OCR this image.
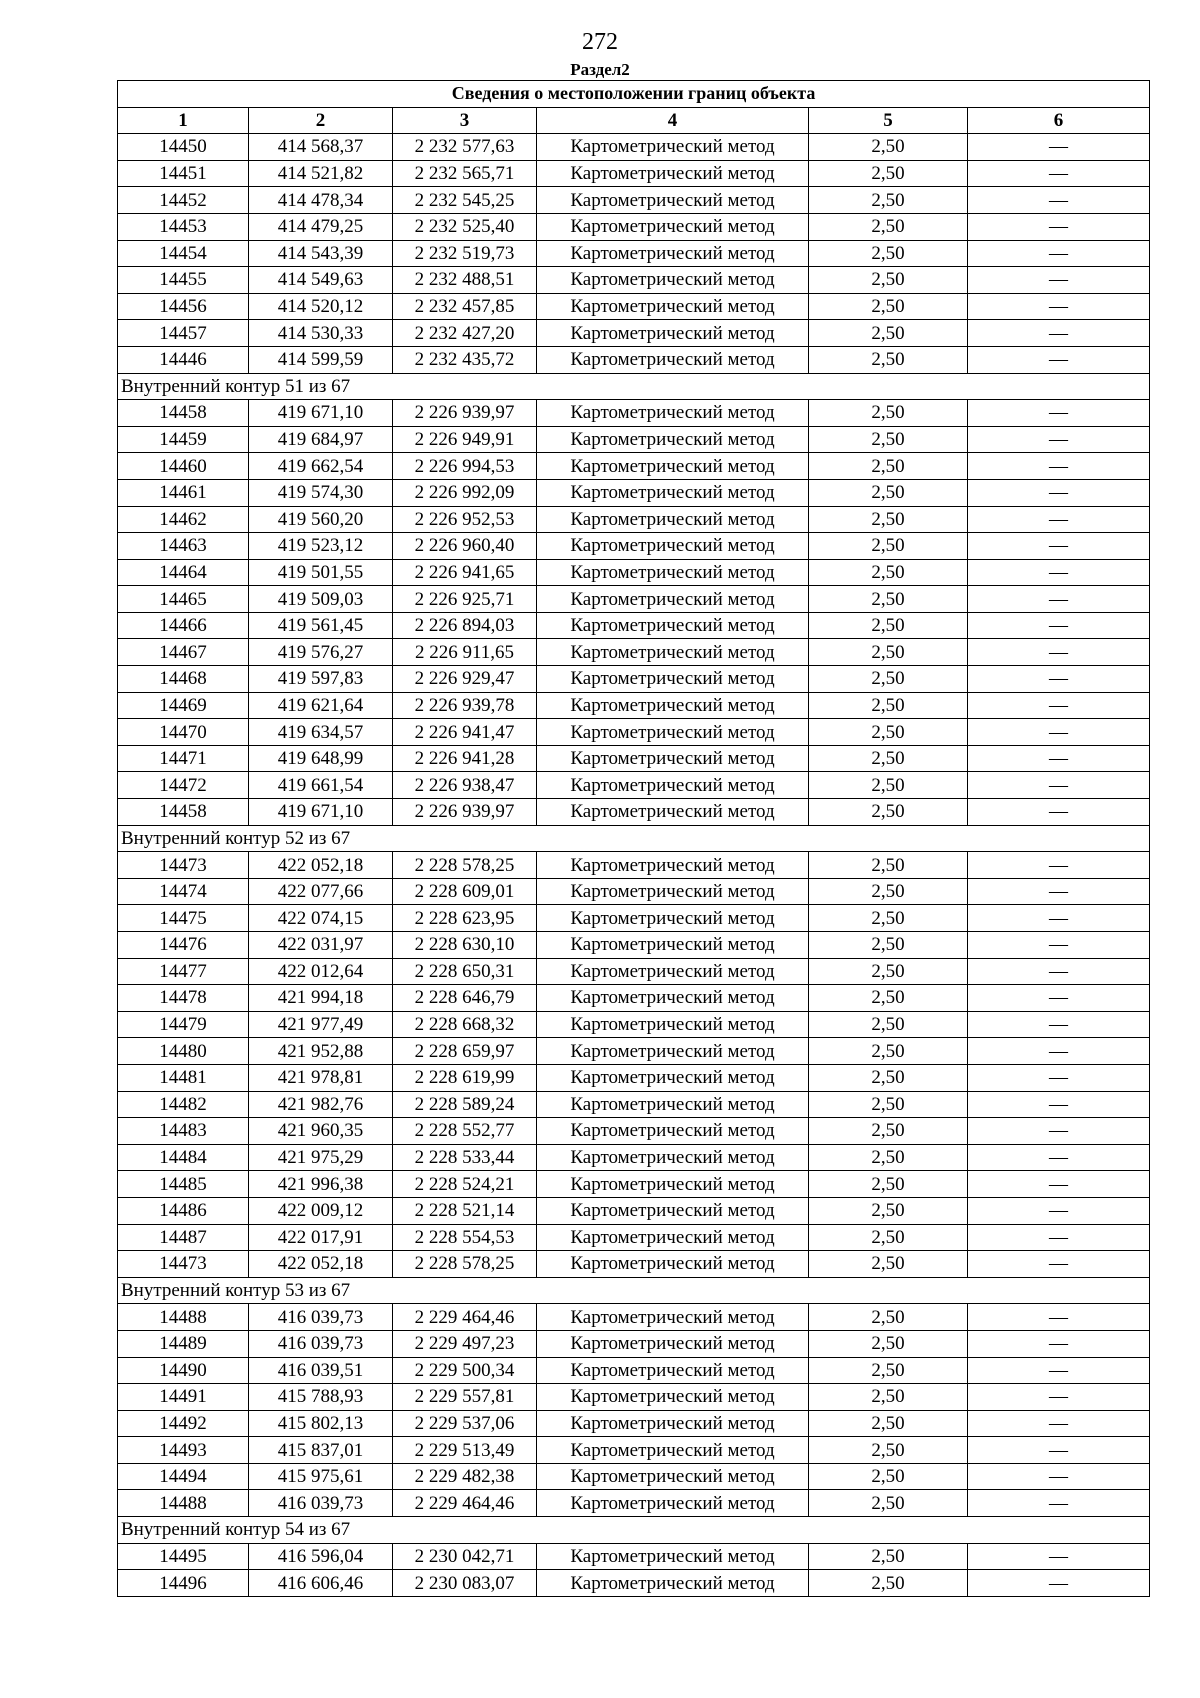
272
Раздел2
Сведения о местоположении границ объекта					
1	2	3	4	5	6
14450	414 568,37	2 232 577,63	Картометрический метод	2,50	—
14451	414 521,82	2 232 565,71	Картометрический метод	2,50	—
14452	414 478,34	2 232 545,25	Картометрический метод	2,50	—
14453	414 479,25	2 232 525,40	Картометрический метод	2,50	—
14454	414 543,39	2 232 519,73	Картометрический метод	2,50	—
14455	414 549,63	2 232 488,51	Картометрический метод	2,50	—
14456	414 520,12	2 232 457,85	Картометрический метод	2,50	—
14457	414 530,33	2 232 427,20	Картометрический метод	2,50	—
14446	414 599,59	2 232 435,72	Картометрический метод	2,50	—
Внутренний контур 51 из 67					
14458	419 671,10	2 226 939,97	Картометрический метод	2,50	—
14459	419 684,97	2 226 949,91	Картометрический метод	2,50	—
14460	419 662,54	2 226 994,53	Картометрический метод	2,50	—
14461	419 574,30	2 226 992,09	Картометрический метод	2,50	—
14462	419 560,20	2 226 952,53	Картометрический метод	2,50	—
14463	419 523,12	2 226 960,40	Картометрический метод	2,50	—
14464	419 501,55	2 226 941,65	Картометрический метод	2,50	—
14465	419 509,03	2 226 925,71	Картометрический метод	2,50	—
14466	419 561,45	2 226 894,03	Картометрический метод	2,50	—
14467	419 576,27	2 226 911,65	Картометрический метод	2,50	—
14468	419 597,83	2 226 929,47	Картометрический метод	2,50	—
14469	419 621,64	2 226 939,78	Картометрический метод	2,50	—
14470	419 634,57	2 226 941,47	Картометрический метод	2,50	—
14471	419 648,99	2 226 941,28	Картометрический метод	2,50	—
14472	419 661,54	2 226 938,47	Картометрический метод	2,50	—
14458	419 671,10	2 226 939,97	Картометрический метод	2,50	—
Внутренний контур 52 из 67					
14473	422 052,18	2 228 578,25	Картометрический метод	2,50	—
14474	422 077,66	2 228 609,01	Картометрический метод	2,50	—
14475	422 074,15	2 228 623,95	Картометрический метод	2,50	—
14476	422 031,97	2 228 630,10	Картометрический метод	2,50	—
14477	422 012,64	2 228 650,31	Картометрический метод	2,50	—
14478	421 994,18	2 228 646,79	Картометрический метод	2,50	—
14479	421 977,49	2 228 668,32	Картометрический метод	2,50	—
14480	421 952,88	2 228 659,97	Картометрический метод	2,50	—
14481	421 978,81	2 228 619,99	Картометрический метод	2,50	—
14482	421 982,76	2 228 589,24	Картометрический метод	2,50	—
14483	421 960,35	2 228 552,77	Картометрический метод	2,50	—
14484	421 975,29	2 228 533,44	Картометрический метод	2,50	—
14485	421 996,38	2 228 524,21	Картометрический метод	2,50	—
14486	422 009,12	2 228 521,14	Картометрический метод	2,50	—
14487	422 017,91	2 228 554,53	Картометрический метод	2,50	—
14473	422 052,18	2 228 578,25	Картометрический метод	2,50	—
Внутренний контур 53 из 67					
14488	416 039,73	2 229 464,46	Картометрический метод	2,50	—
14489	416 039,73	2 229 497,23	Картометрический метод	2,50	—
14490	416 039,51	2 229 500,34	Картометрический метод	2,50	—
14491	415 788,93	2 229 557,81	Картометрический метод	2,50	—
14492	415 802,13	2 229 537,06	Картометрический метод	2,50	—
14493	415 837,01	2 229 513,49	Картометрический метод	2,50	—
14494	415 975,61	2 229 482,38	Картометрический метод	2,50	—
14488	416 039,73	2 229 464,46	Картометрический метод	2,50	—
Внутренний контур 54 из 67					
14495	416 596,04	2 230 042,71	Картометрический метод	2,50	—
14496	416 606,46	2 230 083,07	Картометрический метод	2,50	—
